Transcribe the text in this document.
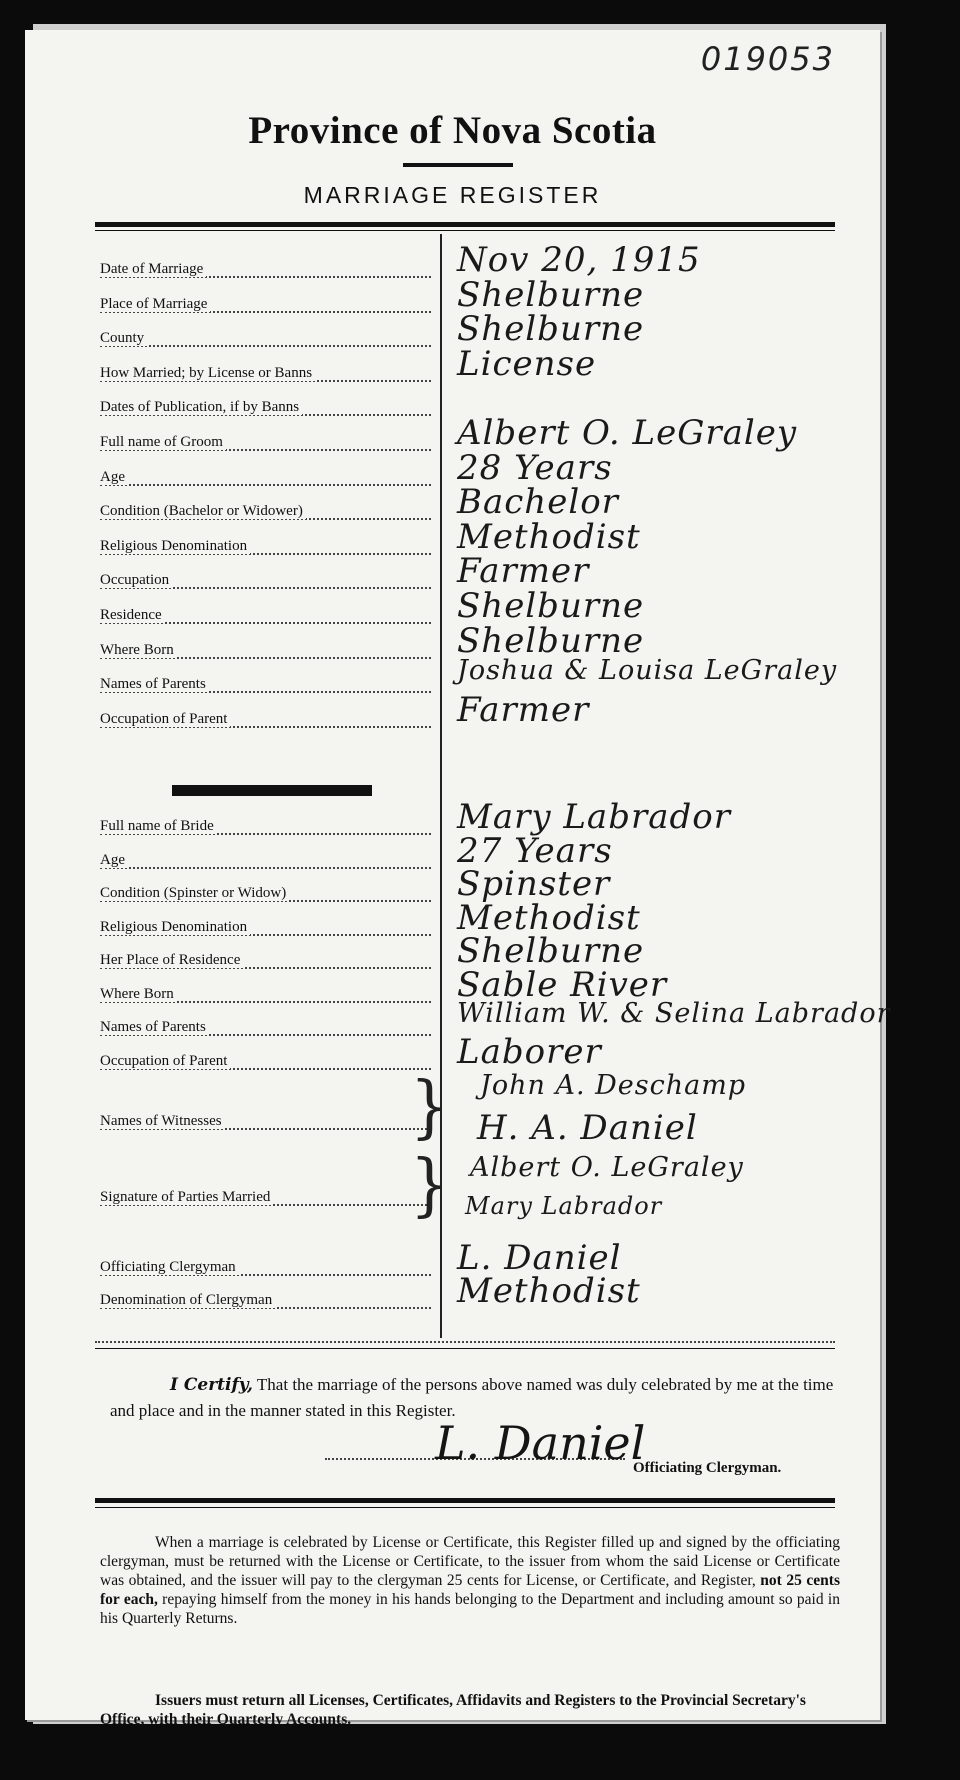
019053
Province of Nova Scotia
MARRIAGE REGISTER
Date of Marriage	Nov 20, 1915
Place of Marriage	Shelburne
County	Shelburne
How Married; by License or Banns	License
Dates of Publication, if by Banns
Full name of Groom	Albert O. LeGraley
Age	28 Years
Condition (Bachelor or Widower)	Bachelor
Religious Denomination	Methodist
Occupation	Farmer
Residence	Shelburne
Where Born	Shelburne
Names of Parents	Joshua & Louisa LeGraley
Occupation of Parent	Farmer
Full name of Bride	Mary Labrador
Age	27 Years
Condition (Spinster or Widow)	Spinster
Religious Denomination	Methodist
Her Place of Residence	Shelburne
Where Born	Sable River
Names of Parents	William W. & Selina Labrador
Occupation of Parent	Laborer
Names of Witnesses	} John A. Deschamp
H. A. Daniel
Signature of Parties Married	} Albert O. LeGraley
Mary Labrador
Officiating Clergyman	L. Daniel
Denomination of Clergyman	Methodist
I Certify, That the marriage of the persons above named was duly celebrated by me at the time and place and in the manner stated in this Register.
L. Daniel
Officiating Clergyman.
When a marriage is celebrated by License or Certificate, this Register filled up and signed by the officiating clergyman, must be returned with the License or Certificate, to the issuer from whom the said License or Certificate was obtained, and the issuer will pay to the clergyman 25 cents for License, or Certificate, and Register, not 25 cents for each, repaying himself from the money in his hands belonging to the Department and including amount so paid in his Quarterly Returns.
Issuers must return all Licenses, Certificates, Affidavits and Registers to the Provincial Secretary's Office, with their Quarterly Accounts.
